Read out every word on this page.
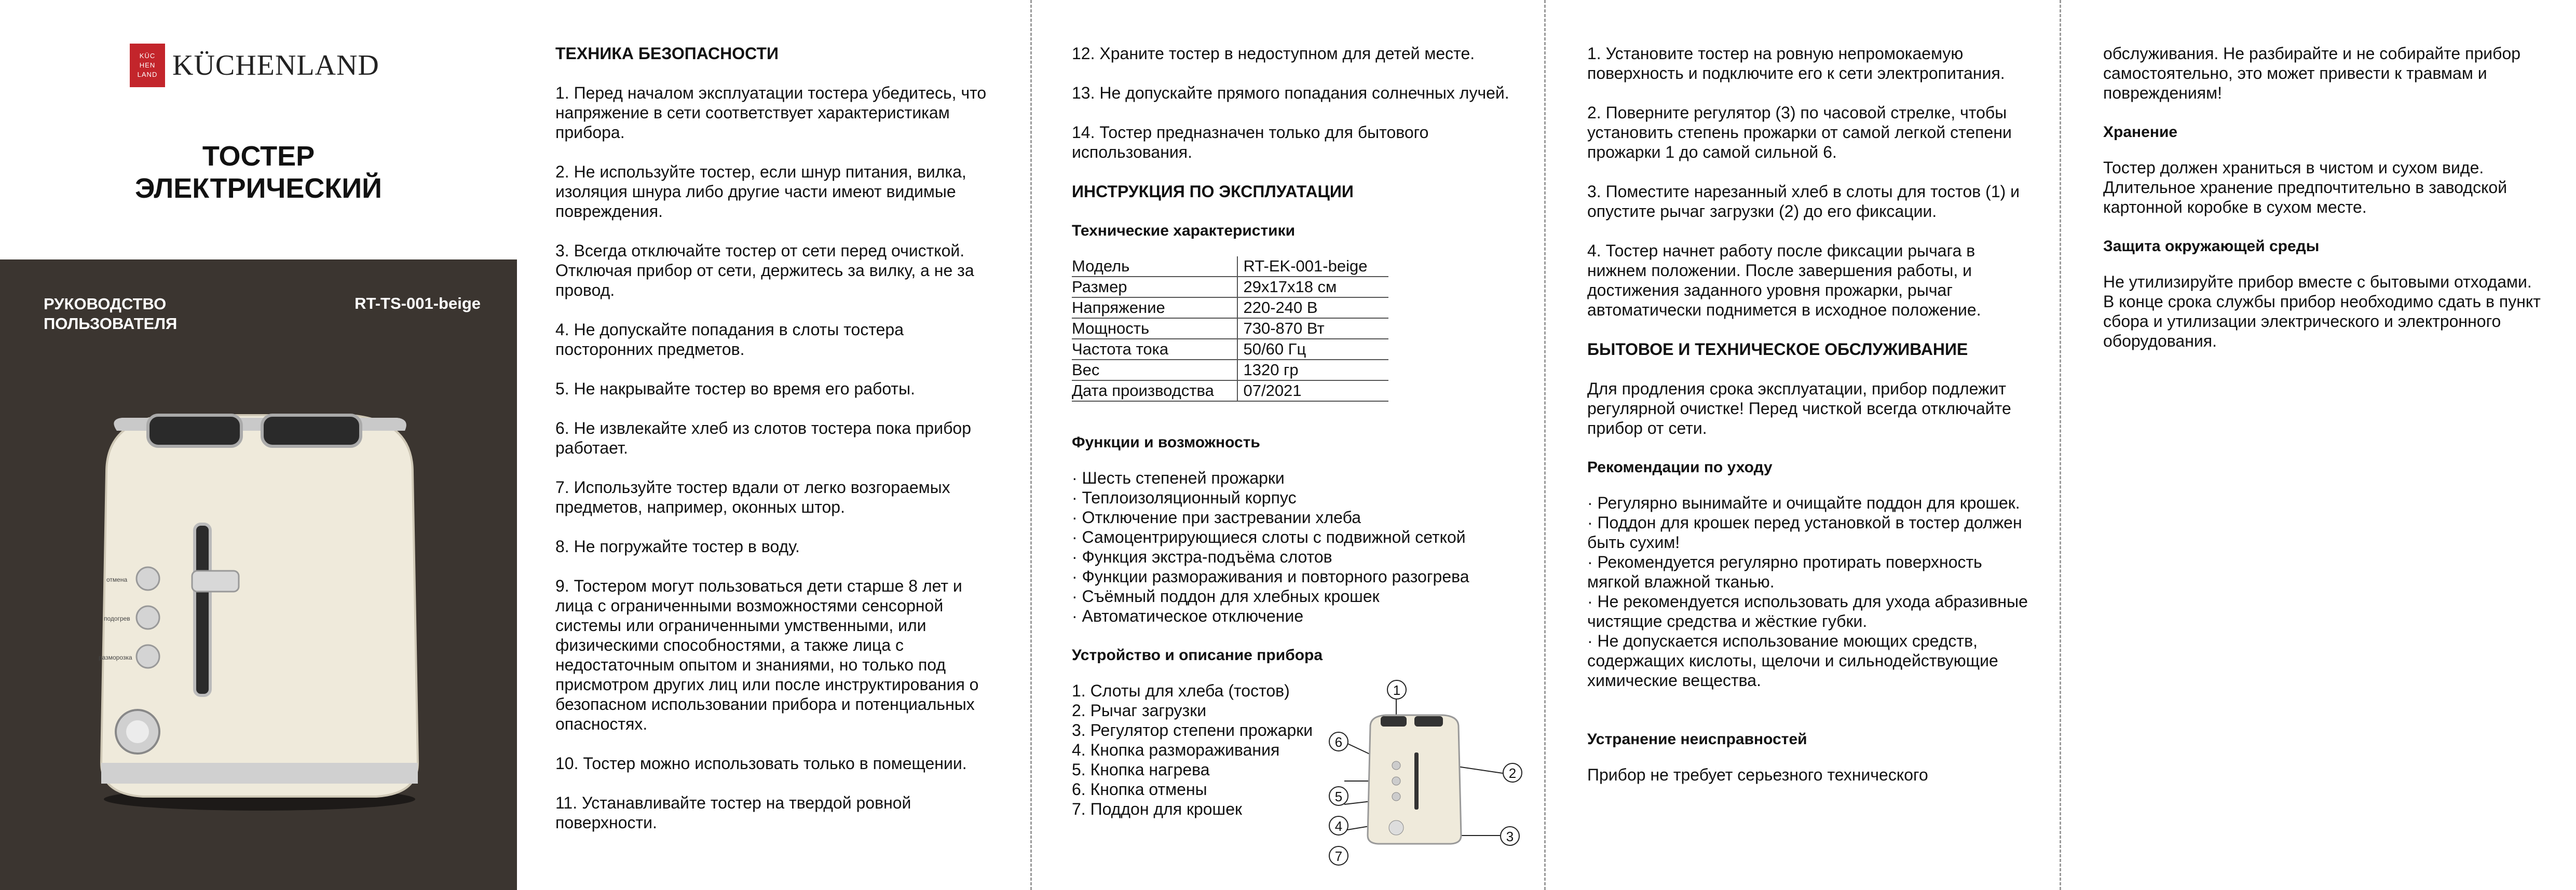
KÜC
HEN
LAND KÜCHENLAND
ТОСТЕР
ЭЛЕКТРИЧЕСКИЙ
РУКОВОДСТВО
ПОЛЬЗОВАТЕЛЯ
RT-TS-001-beige
отмена
подогрев
разморозка
ТЕХНИКА БЕЗОПАСНОСТИ

1. Перед началом эксплуатации тостера убедитесь, что напряжение в сети соответствует характеристикам прибора.

2. Не используйте тостер, если шнур питания, вилка, изоляция шнура либо другие части имеют видимые повреждения.

3. Всегда отключайте тостер от сети перед очисткой. Отключая прибор от сети, держитесь за вилку, а не за провод.

4. Не допускайте попадания в слоты тостера посторонних предметов.

5. Не накрывайте тостер во время его работы.

6. Не извлекайте хлеб из слотов тостера пока прибор работает.

7. Используйте тостер вдали от легко возгораемых предметов, например, оконных штор.

8. Не погружайте тостер в воду.

9. Тостером могут пользоваться дети старше 8 лет и лица с ограниченными возможностями сенсорной системы или ограниченными умственными, или физическими способностями, а также лица с недостаточным опытом и знаниями, но только под присмотром других лиц или после инструктирования о безопасном использовании прибора и потенциальных опасностях.

10. Тостер можно использовать только в помещении.

11. Устанавливайте тостер на твердой ровной поверхности.

12. Храните тостер в недоступном для детей месте.

13. Не допускайте прямого попадания солнечных лучей.

14. Тостер предназначен только для бытового использования.

ИНСТРУКЦИЯ ПО ЭКСПЛУАТАЦИИ
Технические характеристики
Модель	RT-EK-001-beige
Размер	29x17x18 см
Напряжение	220-240 В
Мощность	730-870 Вт
Частота тока	50/60 Гц
Вес	1320 гр
Дата производства	07/2021
Функции и возможность

· Шесть степеней прожарки

· Теплоизоляционный корпус

· Отключение при застревании хлеба

· Самоцентрирующиеся слоты с подвижной сеткой

· Функция экстра-подъёма слотов

· Функции размораживания и повторного разогрева

· Съёмный поддон для хлебных крошек

· Автоматическое отключение

Устройство и описание прибора

1. Слоты для хлеба (тостов)

2. Рычаг загрузки

3. Регулятор степени прожарки

4. Кнопка размораживания

5. Кнопка нагрева

6. Кнопка отмены

7. Поддон для крошек

1
2
3
4
5
6
7

1. Установите тостер на ровную непромокаемую поверхность и подключите его к сети электропитания.

2. Поверните регулятор (3) по часовой стрелке, чтобы установить степень прожарки от самой легкой степени прожарки 1 до самой сильной 6.

3. Поместите нарезанный хлеб в слоты для тостов (1) и опустите рычаг загрузки (2) до его фиксации.

4. Тостер начнет работу после фиксации рычага в нижнем положении. После завершения работы, и достижения заданного уровня прожарки, рычаг автоматически поднимется в исходное положение.

БЫТОВОЕ И ТЕХНИЧЕСКОЕ ОБСЛУЖИВАНИЕ

Для продления срока эксплуатации, прибор подлежит регулярной очистке! Перед чисткой всегда отключайте прибор от сети.

Рекомендации по уходу

· Регулярно вынимайте и очищайте поддон для крошек.

· Поддон для крошек перед установкой в тостер должен быть сухим!

· Рекомендуется регулярно протирать поверхность мягкой влажной тканью.

· Не рекомендуется использовать для ухода абразивные чистящие средства и жёсткие губки.

· Не допускается использование моющих средств, содержащих кислоты, щелочи и сильнодействующие химические вещества.

Устранение неисправностей

Прибор не требует серьезного технического

обслуживания. Не разбирайте и не собирайте прибор самостоятельно, это может привести к травмам и повреждениям!

Хранение

Тостер должен храниться в чистом и сухом виде. Длительное хранение предпочтительно в заводской картонной коробке в сухом месте.

Защита окружающей среды

Не утилизируйте прибор вместе с бытовыми отходами.

В конце срока службы прибор необходимо сдать в пункт сбора и утилизации электрического и электронного оборудования.
